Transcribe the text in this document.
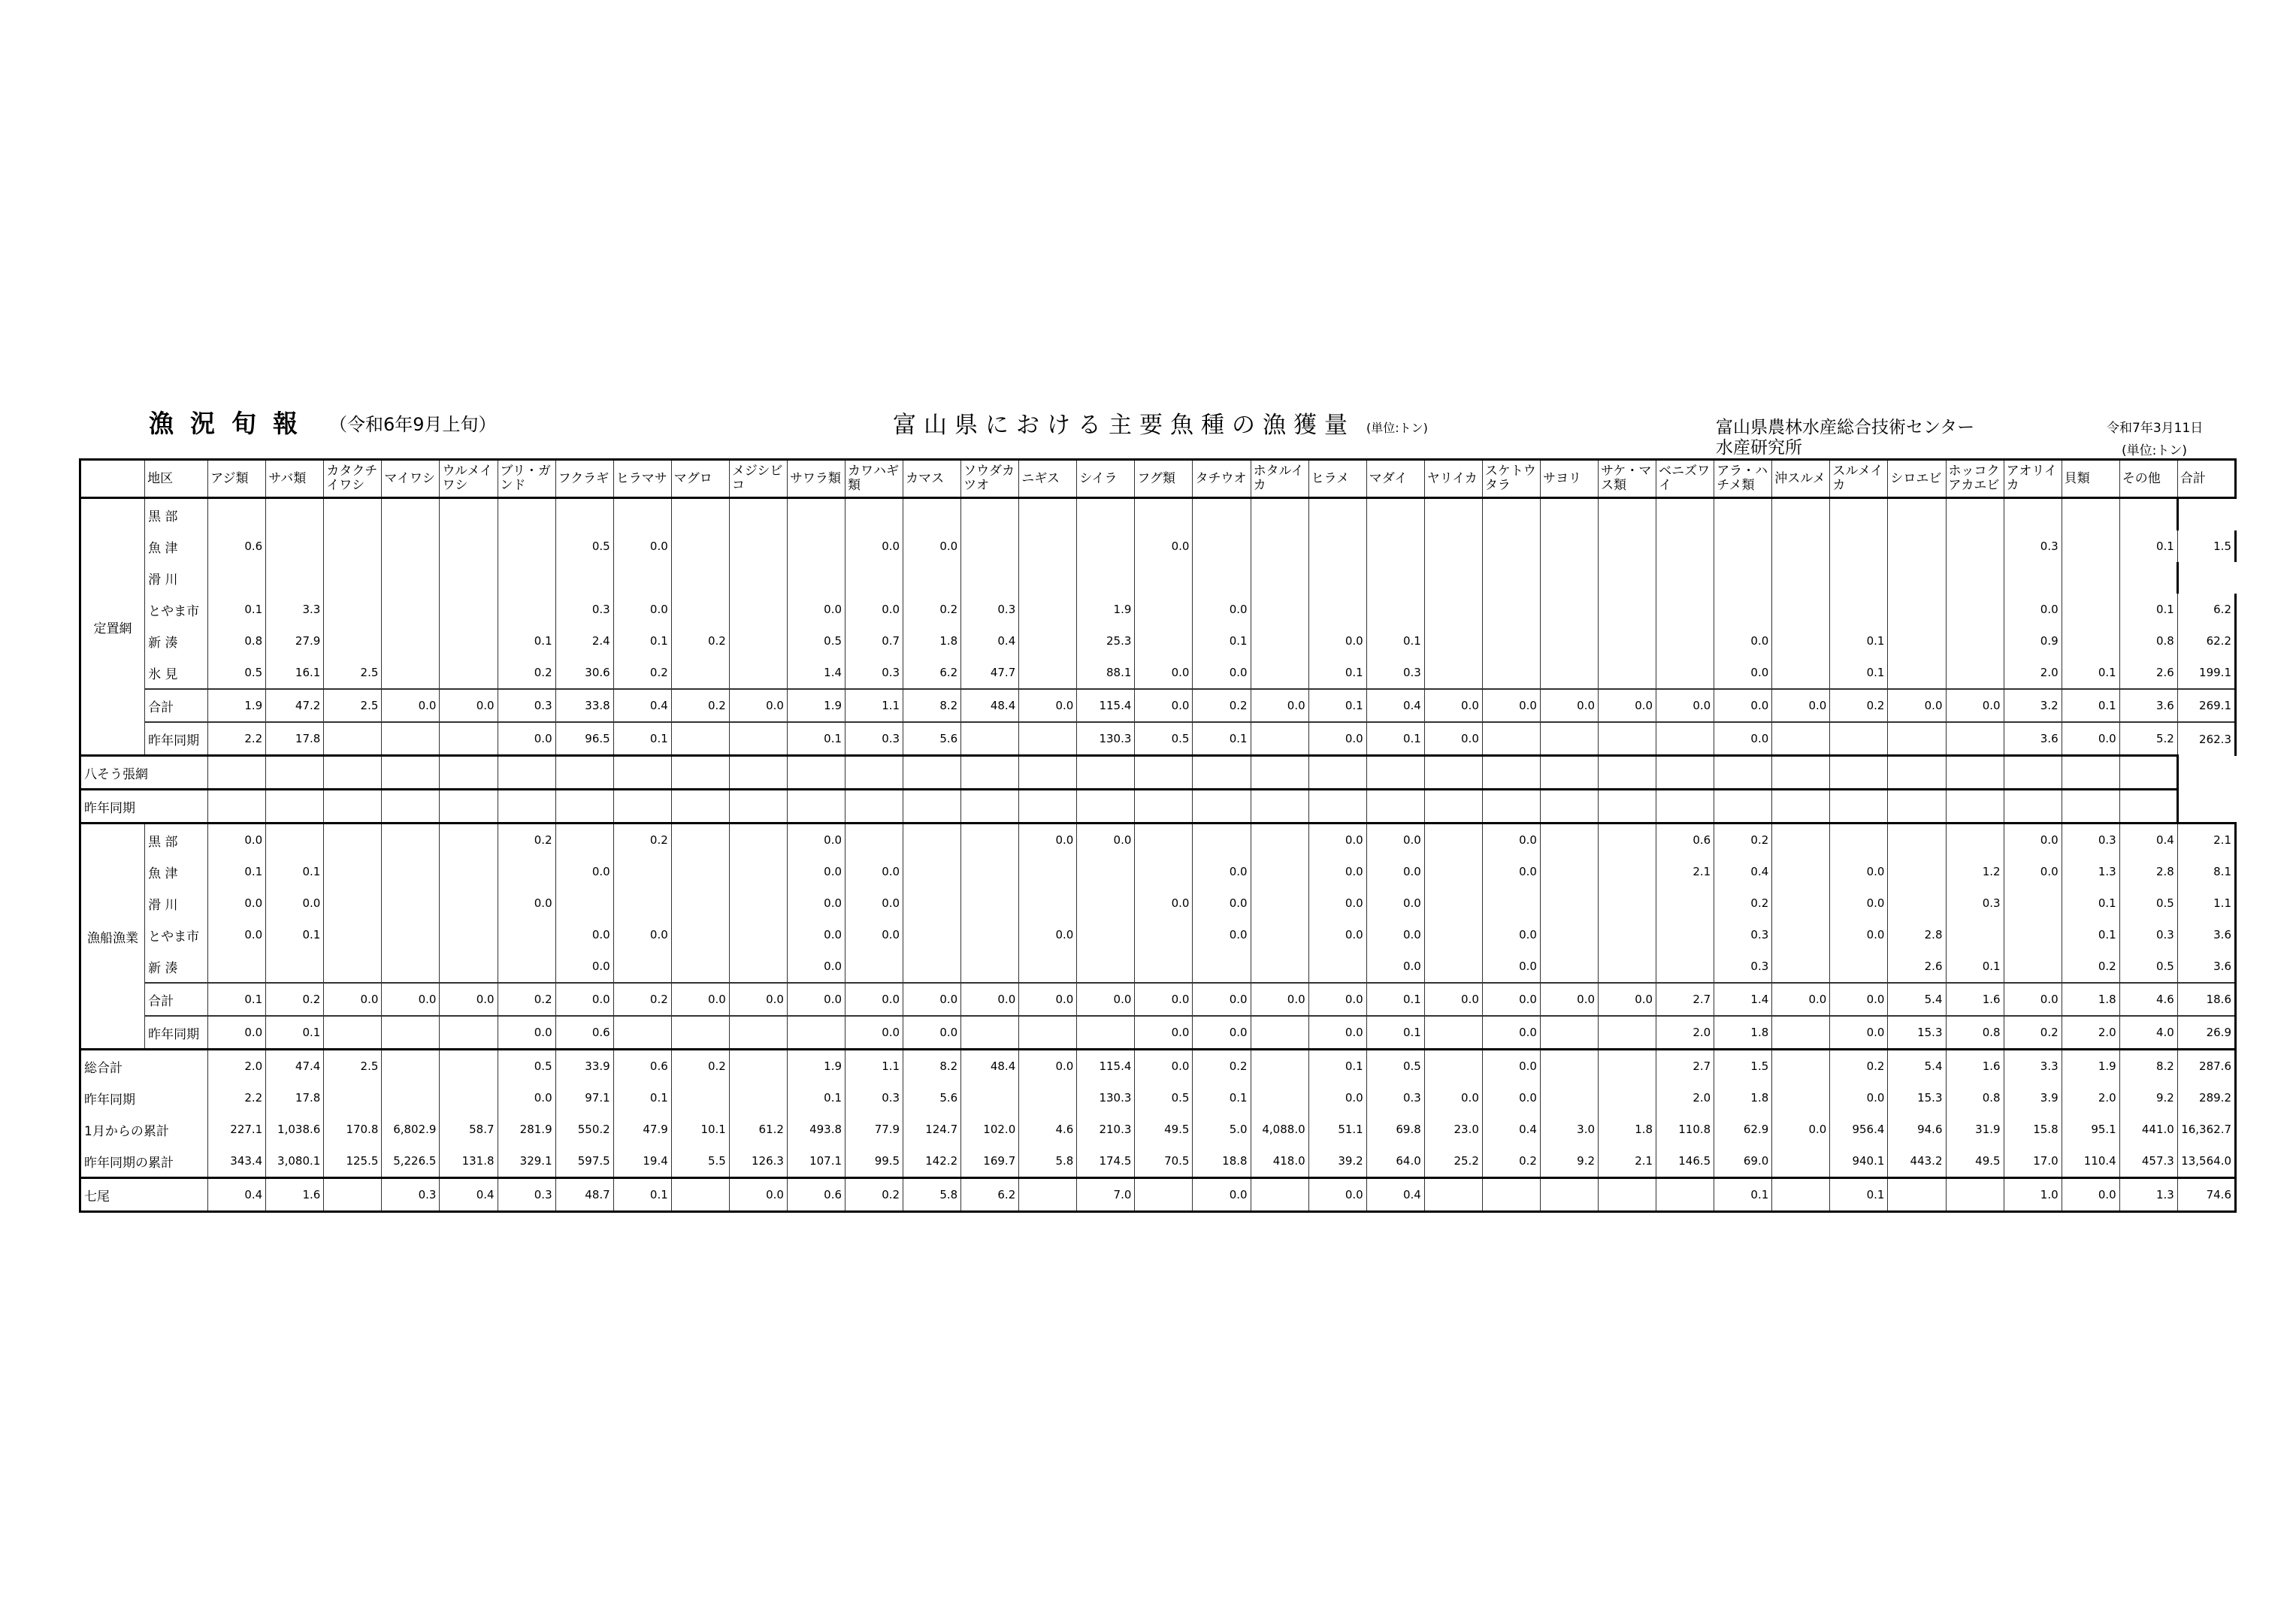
漁況旬報 （令和6年9月上旬）	富山県における主要魚種の漁獲量 (単位:トン)	富山県農林水産総合技術センター
水産研究所
令和7年3月11日
(単位:トン)
	地区	アジ類	サバ類	カタクチイワシ	マイワシ	ウルメイワシ	ブリ・ガンド	フクラギ	ヒラマサ	マグロ	メジシビコ	サワラ類	カワハギ類	カマス	ソウダカツオ	ニギス	シイラ	フグ類	タチウオ	ホタルイカ	ヒラメ	マダイ	ヤリイカ	スケトウタラ	サヨリ	サケ・マス類	ベニズワイ	アラ・ハチメ類	沖スルメ	スルメイカ	シロエビ	ホッコクアカエビ	アオリイカ	貝類	その他	合計
定置網	黒 部																																			
	魚 津	0.6						0.5	0.0				0.0	0.0				0.0															0.3		0.1	1.5
	滑 川																																			
	とやま市	0.1	3.3					0.3	0.0			0.0	0.0	0.2	0.3		1.9		0.0														0.0		0.1	6.2
	新 湊	0.8	27.9				0.1	2.4	0.1	0.2		0.5	0.7	1.8	0.4		25.3		0.1		0.0	0.1						0.0		0.1			0.9		0.8	62.2
	氷 見	0.5	16.1	2.5			0.2	30.6	0.2			1.4	0.3	6.2	47.7		88.1	0.0	0.0		0.1	0.3						0.0		0.1			2.0	0.1	2.6	199.1
	合計	1.9	47.2	2.5	0.0	0.0	0.3	33.8	0.4	0.2	0.0	1.9	1.1	8.2	48.4	0.0	115.4	0.0	0.2	0.0	0.1	0.4	0.0	0.0	0.0	0.0	0.0	0.0	0.0	0.2	0.0	0.0	3.2	0.1	3.6	269.1
	昨年同期	2.2	17.8				0.0	96.5	0.1			0.1	0.3	5.6			130.3	0.5	0.1		0.0	0.1	0.0					0.0					3.6	0.0	5.2	262.3
八そう張網																																				
昨年同期																																				
漁船漁業	黒 部	0.0					0.2		0.2			0.0				0.0	0.0				0.0	0.0		0.0			0.6	0.2					0.0	0.3	0.4	2.1
	魚 津	0.1	0.1					0.0				0.0	0.0						0.0		0.0	0.0		0.0			2.1	0.4		0.0		1.2	0.0	1.3	2.8	8.1
	滑 川	0.0	0.0				0.0					0.0	0.0					0.0	0.0		0.0	0.0						0.2		0.0		0.3		0.1	0.5	1.1
	とやま市	0.0	0.1					0.0	0.0			0.0	0.0			0.0			0.0		0.0	0.0		0.0				0.3		0.0	2.8			0.1	0.3	3.6
	新 湊							0.0				0.0										0.0		0.0				0.3			2.6	0.1		0.2	0.5	3.6
	合計	0.1	0.2	0.0	0.0	0.0	0.2	0.0	0.2	0.0	0.0	0.0	0.0	0.0	0.0	0.0	0.0	0.0	0.0	0.0	0.0	0.1	0.0	0.0	0.0	0.0	2.7	1.4	0.0	0.0	5.4	1.6	0.0	1.8	4.6	18.6
	昨年同期	0.0	0.1				0.0	0.6					0.0	0.0				0.0	0.0		0.0	0.1		0.0			2.0	1.8		0.0	15.3	0.8	0.2	2.0	4.0	26.9
総合計		2.0	47.4	2.5			0.5	33.9	0.6	0.2		1.9	1.1	8.2	48.4	0.0	115.4	0.0	0.2		0.1	0.5		0.0			2.7	1.5		0.2	5.4	1.6	3.3	1.9	8.2	287.6
昨年同期		2.2	17.8				0.0	97.1	0.1			0.1	0.3	5.6			130.3	0.5	0.1		0.0	0.3	0.0	0.0			2.0	1.8		0.0	15.3	0.8	3.9	2.0	9.2	289.2
1月からの累計		227.1	1,038.6	170.8	6,802.9	58.7	281.9	550.2	47.9	10.1	61.2	493.8	77.9	124.7	102.0	4.6	210.3	49.5	5.0	4,088.0	51.1	69.8	23.0	0.4	3.0	1.8	110.8	62.9	0.0	956.4	94.6	31.9	15.8	95.1	441.0	16,362.7
昨年同期の累計		343.4	3,080.1	125.5	5,226.5	131.8	329.1	597.5	19.4	5.5	126.3	107.1	99.5	142.2	169.7	5.8	174.5	70.5	18.8	418.0	39.2	64.0	25.2	0.2	9.2	2.1	146.5	69.0		940.1	443.2	49.5	17.0	110.4	457.3	13,564.0
七尾		0.4	1.6		0.3	0.4	0.3	48.7	0.1		0.0	0.6	0.2	5.8	6.2		7.0		0.0		0.0	0.4						0.1		0.1			1.0	0.0	1.3	74.6
